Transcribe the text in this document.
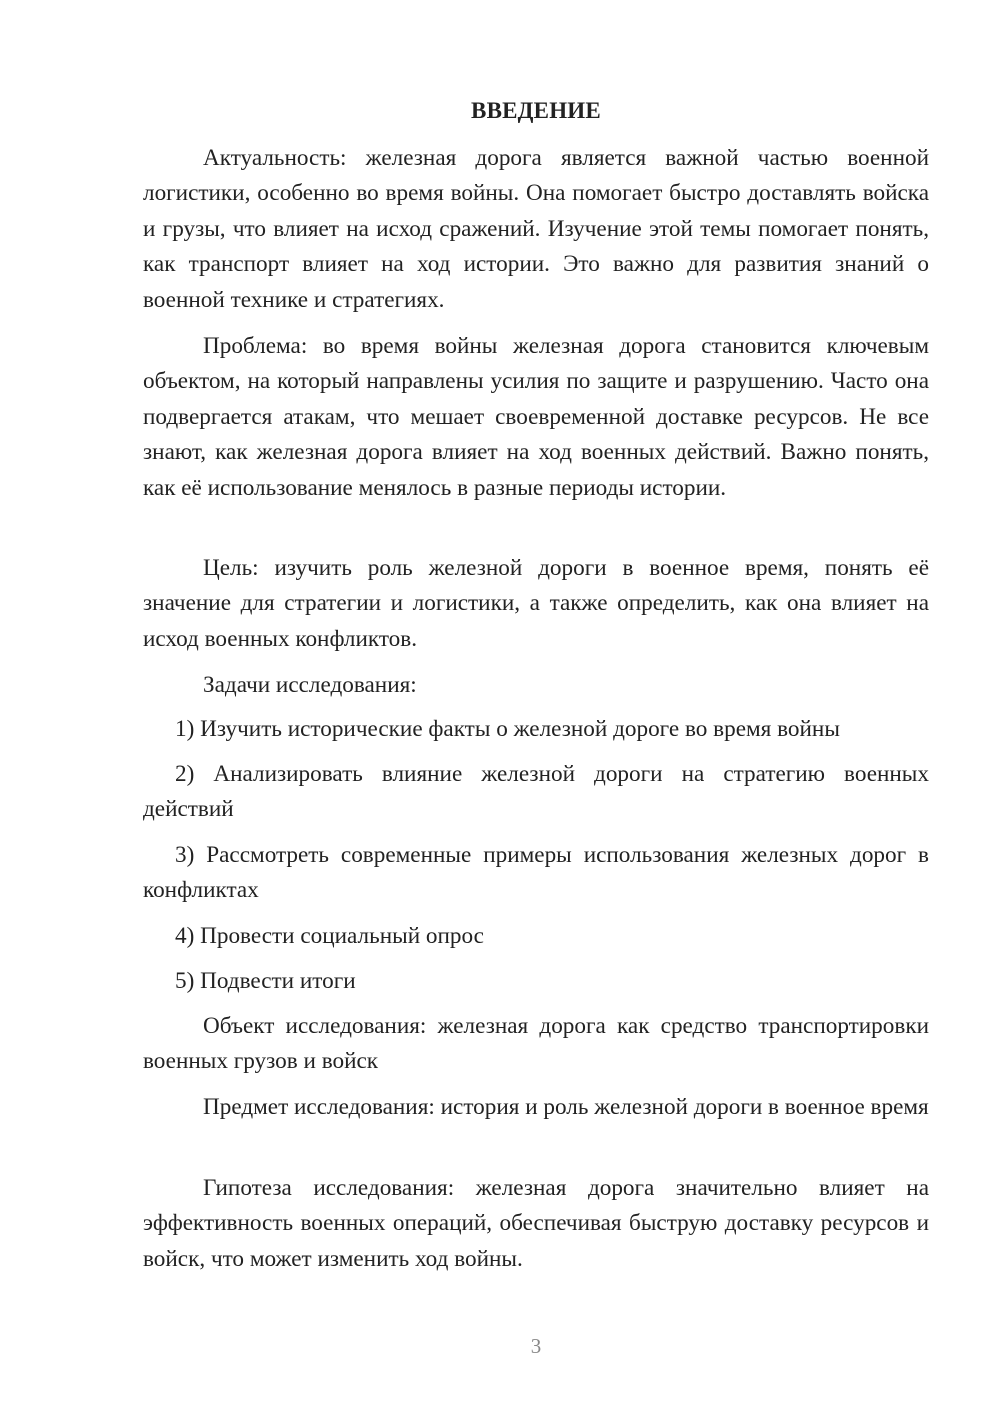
ВВЕДЕНИЕ

Актуальность: железная дорога является важной частью военной логистики, особенно во время войны. Она помогает быстро доставлять войска и грузы, что влияет на исход сражений. Изучение этой темы помогает понять, как транспорт влияет на ход истории. Это важно для развития знаний о военной технике и стратегиях.

Проблема: во время войны железная дорога становится ключевым объектом, на который направлены усилия по защите и разрушению. Часто она подвергается атакам, что мешает своевременной доставке ресурсов. Не все знают, как железная дорога влияет на ход военных действий. Важно понять, как её использование менялось в разные периоды истории.

Цель: изучить роль железной дороги в военное время, понять её значение для стратегии и логистики, а также определить, как она влияет на исход военных конфликтов.

Задачи исследования:

1) Изучить исторические факты о железной дороге во время войны

2) Анализировать влияние железной дороги на стратегию военных действий

3) Рассмотреть современные примеры использования железных дорог в конфликтах

4) Провести социальный опрос

5) Подвести итоги

Объект исследования: железная дорога как средство транспортировки военных грузов и войск

Предмет исследования: история и роль железной дороги в военное время

Гипотеза исследования: железная дорога значительно влияет на эффективность военных операций, обеспечивая быструю доставку ресурсов и войск, что может изменить ход войны.

3
